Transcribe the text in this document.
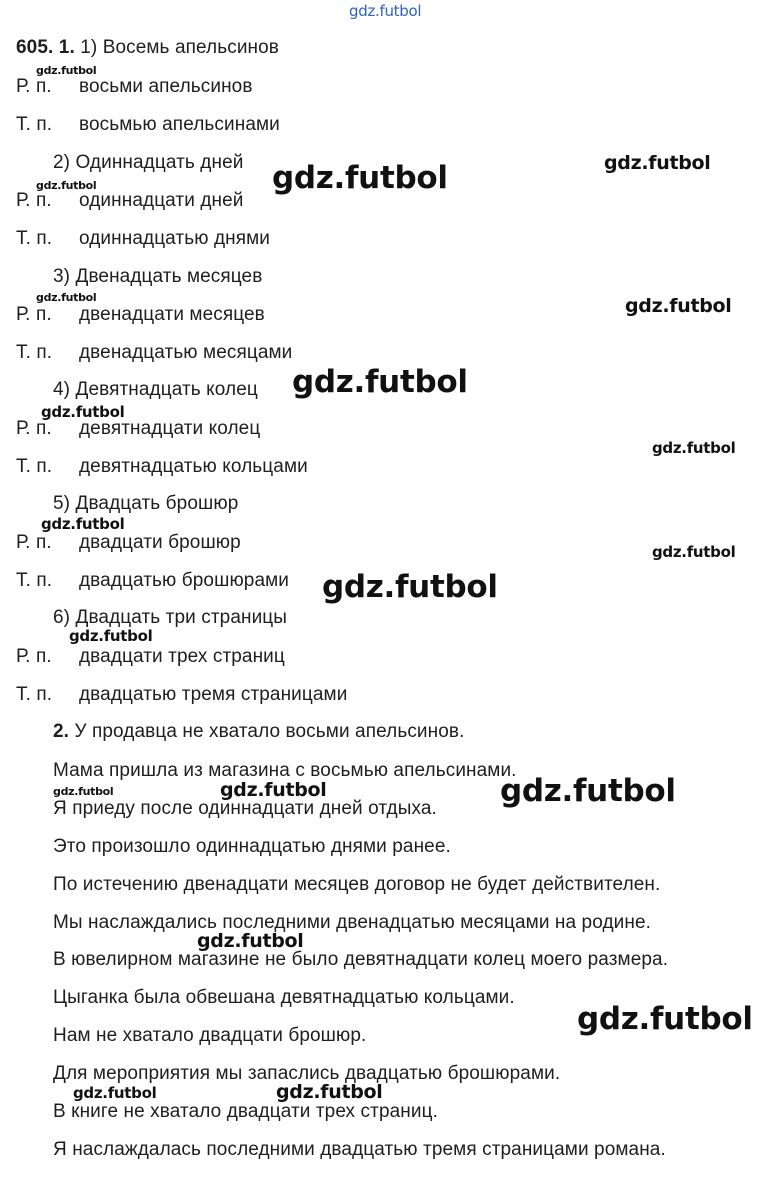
gdz.futbol
605. 1. 1) Восемь апельсинов
Р. п. восьми апельсинов
Т. п. восьмью апельсинами
2) Одиннадцать дней
Р. п. одиннадцати дней
Т. п. одиннадцатью днями
3) Двенадцать месяцев
Р. п. двенадцати месяцев
Т. п. двенадцатью месяцами
4) Девятнадцать колец
Р. п. девятнадцати колец
Т. п. девятнадцатью кольцами
5) Двадцать брошюр
Р. п. двадцати брошюр
Т. п. двадцатью брошюрами
6) Двадцать три страницы
Р. п. двадцати трех страниц
Т. п. двадцатью тремя страницами
2. У продавца не хватало восьми апельсинов.
Мама пришла из магазина с восьмью апельсинами.
Я приеду после одиннадцати дней отдыха.
Это произошло одиннадцатью днями ранее.
По истечению двенадцати месяцев договор не будет действителен.
Мы наслаждались последними двенадцатью месяцами на родине.
В ювелирном магазине не было девятнадцати колец моего размера.
Цыганка была обвешана девятнадцатью кольцами.
Нам не хватало двадцати брошюр.
Для мероприятия мы запаслись двадцатью брошюрами.
В книге не хватало двадцати трех страниц.
Я наслаждалась последними двадцатью тремя страницами романа.
gdz.futbol
gdz.futbol	gdz.futbol	gdz.futbol
gdz.futbol	gdz.futbol
gdz.futbol
gdz.futbol
gdz.futbol
gdz.futbol
gdz.futbol
gdz.futbol
gdz.futbol
gdz.futbol	gdz.futbol	gdz.futbol
gdz.futbol
gdz.futbol
gdz.futbol	gdz.futbol
